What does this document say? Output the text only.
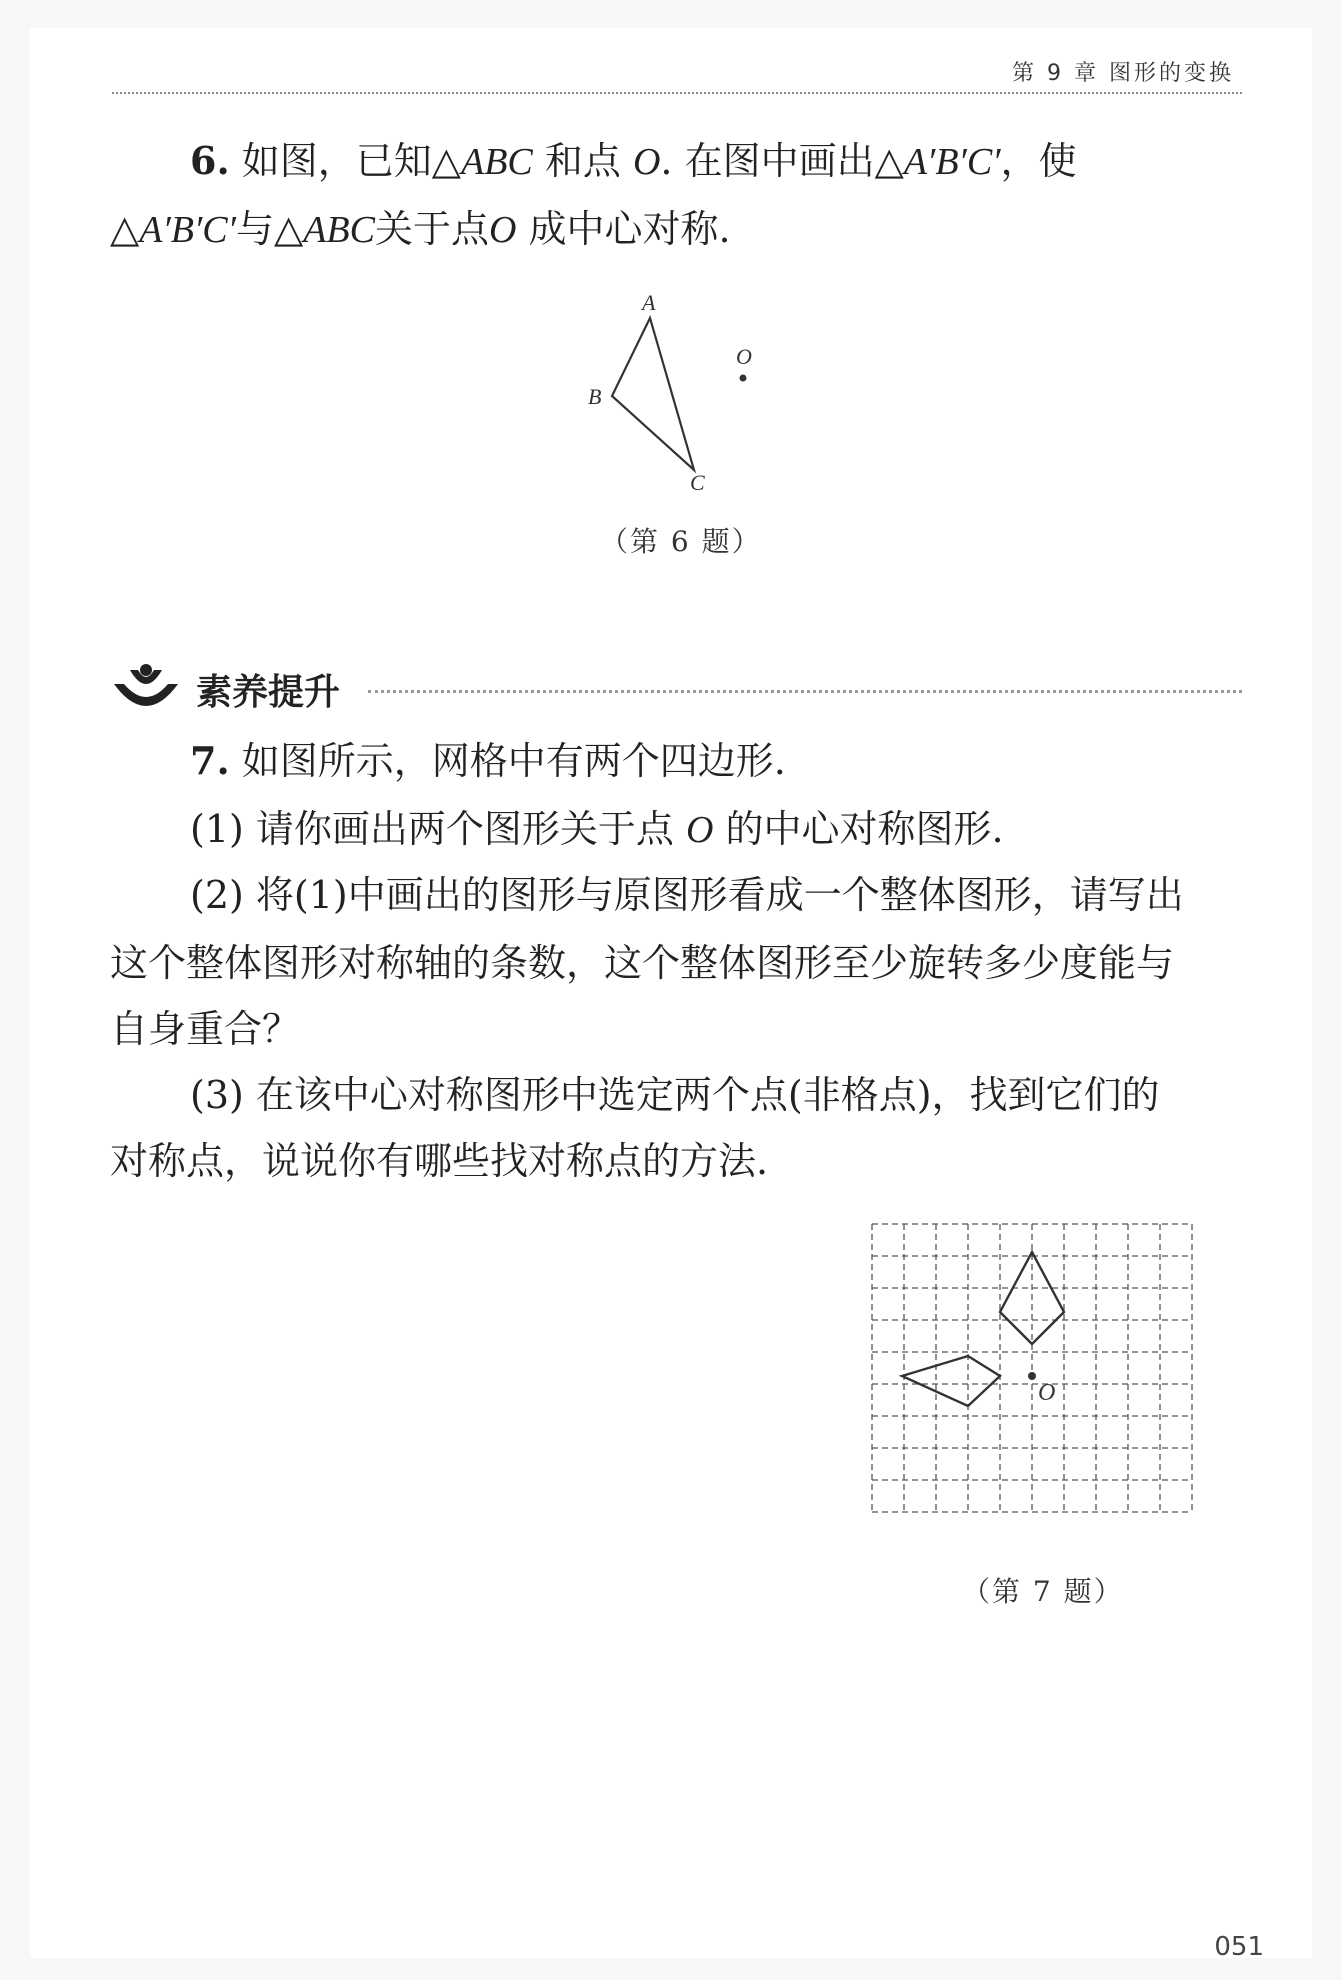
第 9 章 图形的变换
6. 如图，已知△ABC 和点 O. 在图中画出△A′B′C′，使
△A′B′C′与△ABC关于点O 成中心对称.
A
B
C
O
（第 6 题）
素养提升
7. 如图所示，网格中有两个四边形.
(1) 请你画出两个图形关于点 O 的中心对称图形.
(2) 将(1)中画出的图形与原图形看成一个整体图形，请写出
这个整体图形对称轴的条数，这个整体图形至少旋转多少度能与
自身重合？
(3) 在该中心对称图形中选定两个点(非格点)，找到它们的
对称点，说说你有哪些找对称点的方法.
O
（第 7 题）
051
